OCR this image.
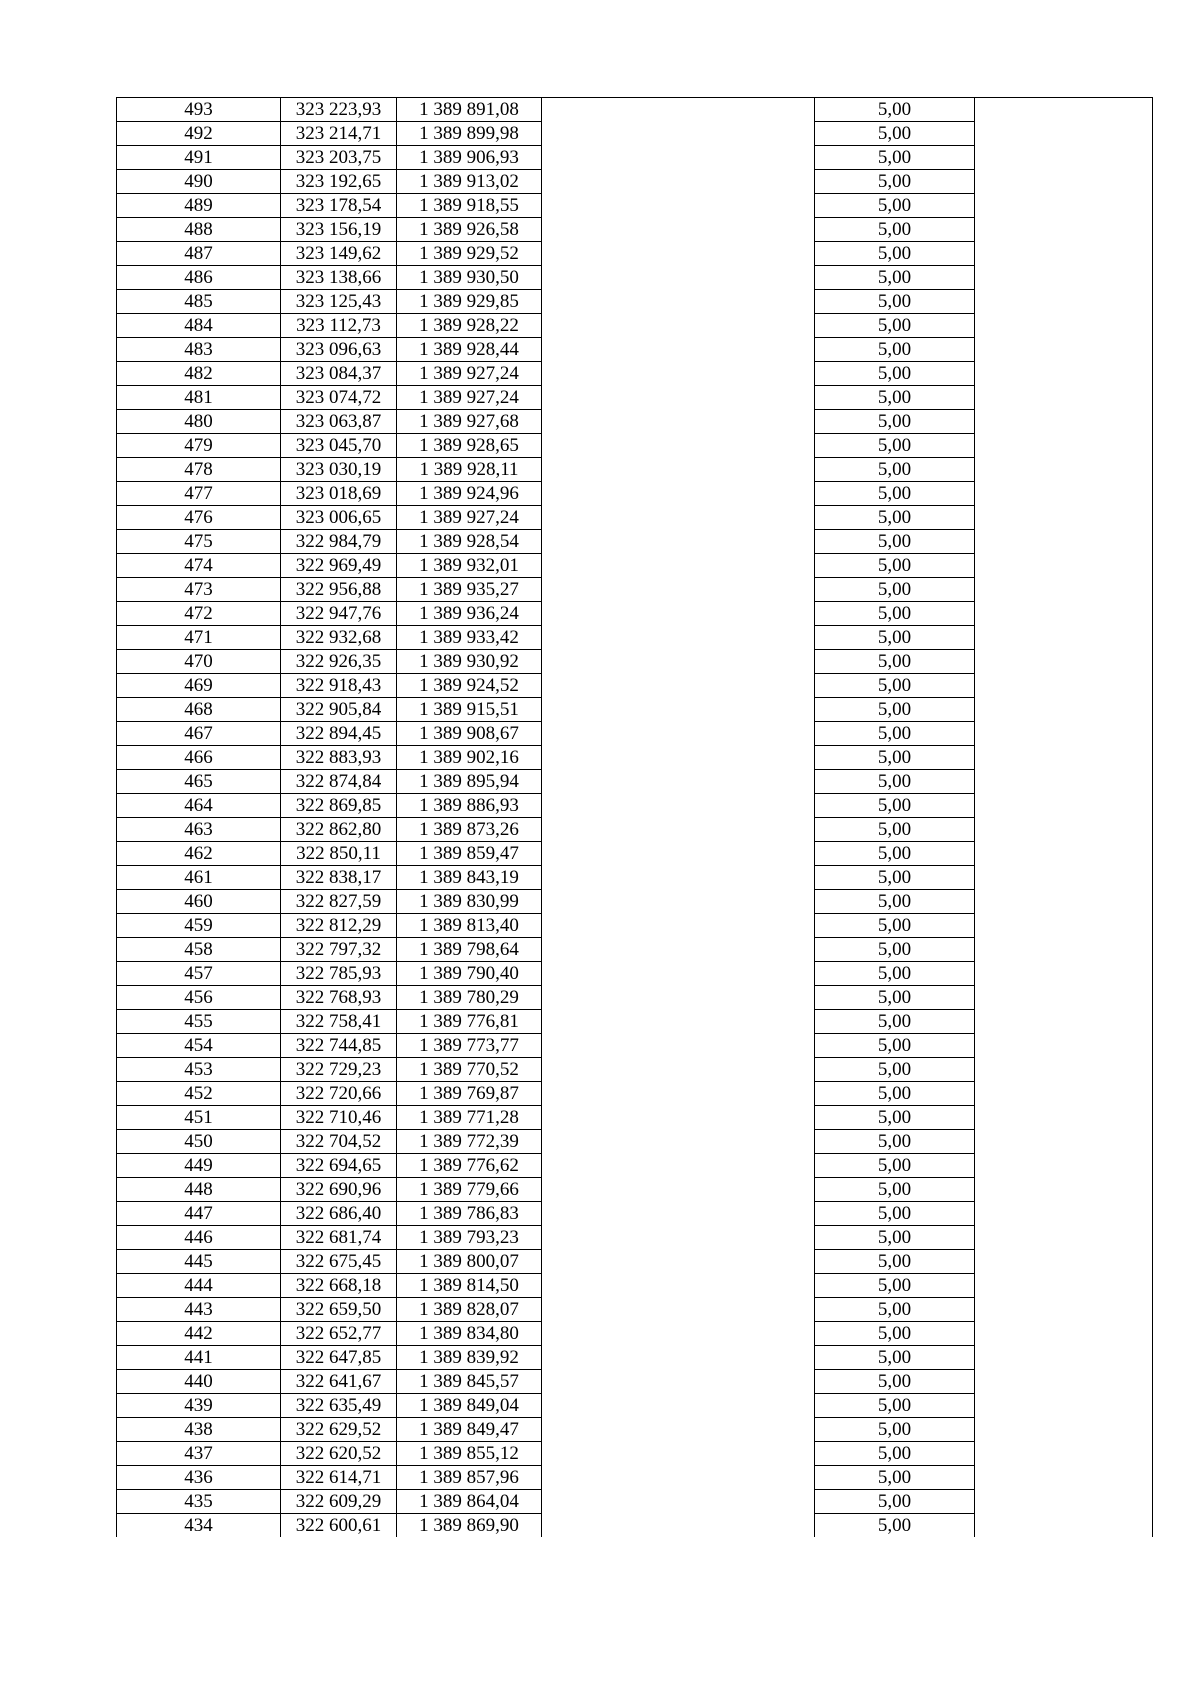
493	323 223,93	1 389 891,08		5,00	
492	323 214,71	1 389 899,98		5,00	
491	323 203,75	1 389 906,93		5,00	
490	323 192,65	1 389 913,02		5,00	
489	323 178,54	1 389 918,55		5,00	
488	323 156,19	1 389 926,58		5,00	
487	323 149,62	1 389 929,52		5,00	
486	323 138,66	1 389 930,50		5,00	
485	323 125,43	1 389 929,85		5,00	
484	323 112,73	1 389 928,22		5,00	
483	323 096,63	1 389 928,44		5,00	
482	323 084,37	1 389 927,24		5,00	
481	323 074,72	1 389 927,24		5,00	
480	323 063,87	1 389 927,68		5,00	
479	323 045,70	1 389 928,65		5,00	
478	323 030,19	1 389 928,11		5,00	
477	323 018,69	1 389 924,96		5,00	
476	323 006,65	1 389 927,24		5,00	
475	322 984,79	1 389 928,54		5,00	
474	322 969,49	1 389 932,01		5,00	
473	322 956,88	1 389 935,27		5,00	
472	322 947,76	1 389 936,24		5,00	
471	322 932,68	1 389 933,42		5,00	
470	322 926,35	1 389 930,92		5,00	
469	322 918,43	1 389 924,52		5,00	
468	322 905,84	1 389 915,51		5,00	
467	322 894,45	1 389 908,67		5,00	
466	322 883,93	1 389 902,16		5,00	
465	322 874,84	1 389 895,94		5,00	
464	322 869,85	1 389 886,93		5,00	
463	322 862,80	1 389 873,26		5,00	
462	322 850,11	1 389 859,47		5,00	
461	322 838,17	1 389 843,19		5,00	
460	322 827,59	1 389 830,99		5,00	
459	322 812,29	1 389 813,40		5,00	
458	322 797,32	1 389 798,64		5,00	
457	322 785,93	1 389 790,40		5,00	
456	322 768,93	1 389 780,29		5,00	
455	322 758,41	1 389 776,81		5,00	
454	322 744,85	1 389 773,77		5,00	
453	322 729,23	1 389 770,52		5,00	
452	322 720,66	1 389 769,87		5,00	
451	322 710,46	1 389 771,28		5,00	
450	322 704,52	1 389 772,39		5,00	
449	322 694,65	1 389 776,62		5,00	
448	322 690,96	1 389 779,66		5,00	
447	322 686,40	1 389 786,83		5,00	
446	322 681,74	1 389 793,23		5,00	
445	322 675,45	1 389 800,07		5,00	
444	322 668,18	1 389 814,50		5,00	
443	322 659,50	1 389 828,07		5,00	
442	322 652,77	1 389 834,80		5,00	
441	322 647,85	1 389 839,92		5,00	
440	322 641,67	1 389 845,57		5,00	
439	322 635,49	1 389 849,04		5,00	
438	322 629,52	1 389 849,47		5,00	
437	322 620,52	1 389 855,12		5,00	
436	322 614,71	1 389 857,96		5,00	
435	322 609,29	1 389 864,04		5,00	
434	322 600,61	1 389 869,90		5,00	
